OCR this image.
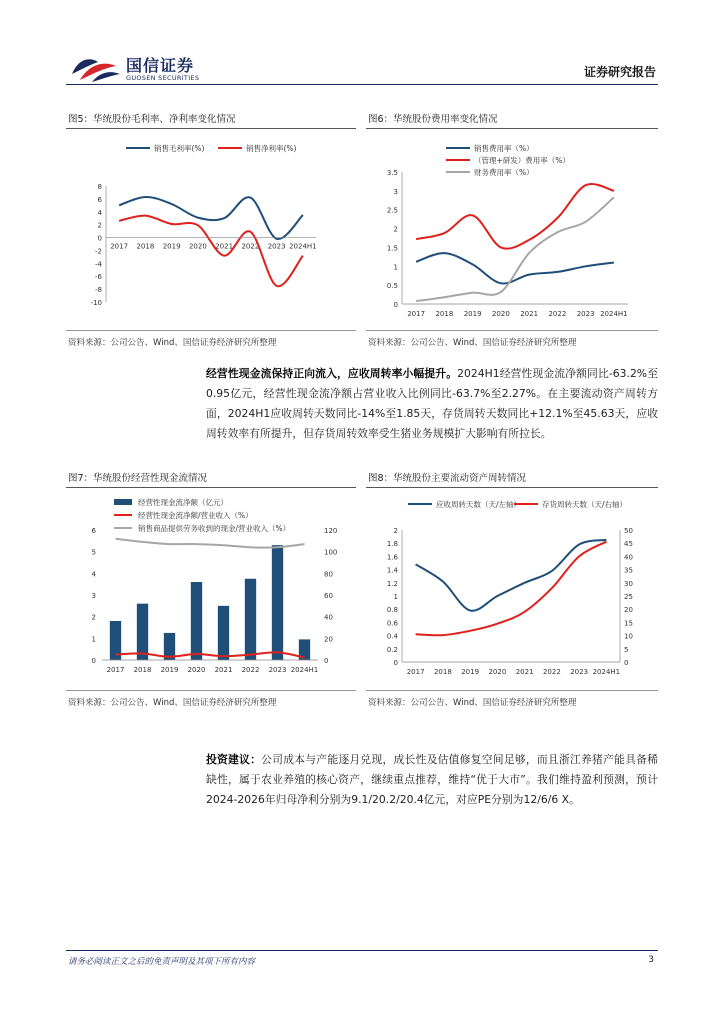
国信证券
GUOSEN SECURITIES	证券研究报告
图5：华统股份毛利率、净利率变化情况	图6：华统股份费用率变化情况
销售毛利率(%)	销售净利率(%)
8
6
4
2
0
-2
-4
-6
-8
-10
2017 2018 2019 2020 2021 2022 2023 2024H1
销售费用率（%）
（管理+研发）费用率（%）
财务费用率（%）
3.5
3
2.5
2
1.5
1
0.5
0
2017 2018 2019 2020 2021 2022 2023 2024H1
资料来源：公司公告、Wind、国信证券经济研究所整理	资料来源：公司公告、Wind、国信证券经济研究所整理
经营性现金流保持正向流入，应收周转率小幅提升。2024H1经营性现金流净额同比-63.2%至0.95亿元，经营性现金流净额占营业收入比例同比-63.7%至2.27%。在主要流动资产周转方面，2024H1应收周转天数同比-14%至1.85天，存货周转天数同比+12.1%至45.63天，应收周转效率有所提升，但存货周转效率受生猪业务规模扩大影响有所拉长。
图7：华统股份经营性现金流情况	图8：华统股份主要流动资产周转情况
经营性现金流净额（亿元）
经营性现金流净额/营业收入（%）
销售商品提供劳务收到的现金/营业收入（%）
6
5
4
3
2
1
0
120
100
80
60
40
20
0
2017 2018 2019 2020 2021 2022 2023 2024H1
应收周转天数（天/左轴）	存货周转天数（天/右轴）
2
1.8
1.6
1.4
1.2
1
0.8
0.6
0.4
0.2
0
50
45
40
35
30
25
20
15
10
5
0
2017 2018 2019 2020 2021 2022 2023 2024H1
资料来源：公司公告、Wind、国信证券经济研究所整理	资料来源：公司公告、Wind、国信证券经济研究所整理
投资建议：公司成本与产能逐月兑现，成长性及估值修复空间足够，而且浙江养猪产能具备稀缺性，属于农业养殖的核心资产，继续重点推荐，维持“优于大市”。我们维持盈利预测，预计2024-2026年归母净利分别为9.1/20.2/20.4亿元，对应PE分别为12/6/6 X。
请务必阅读正文之后的免责声明及其项下所有内容	3
